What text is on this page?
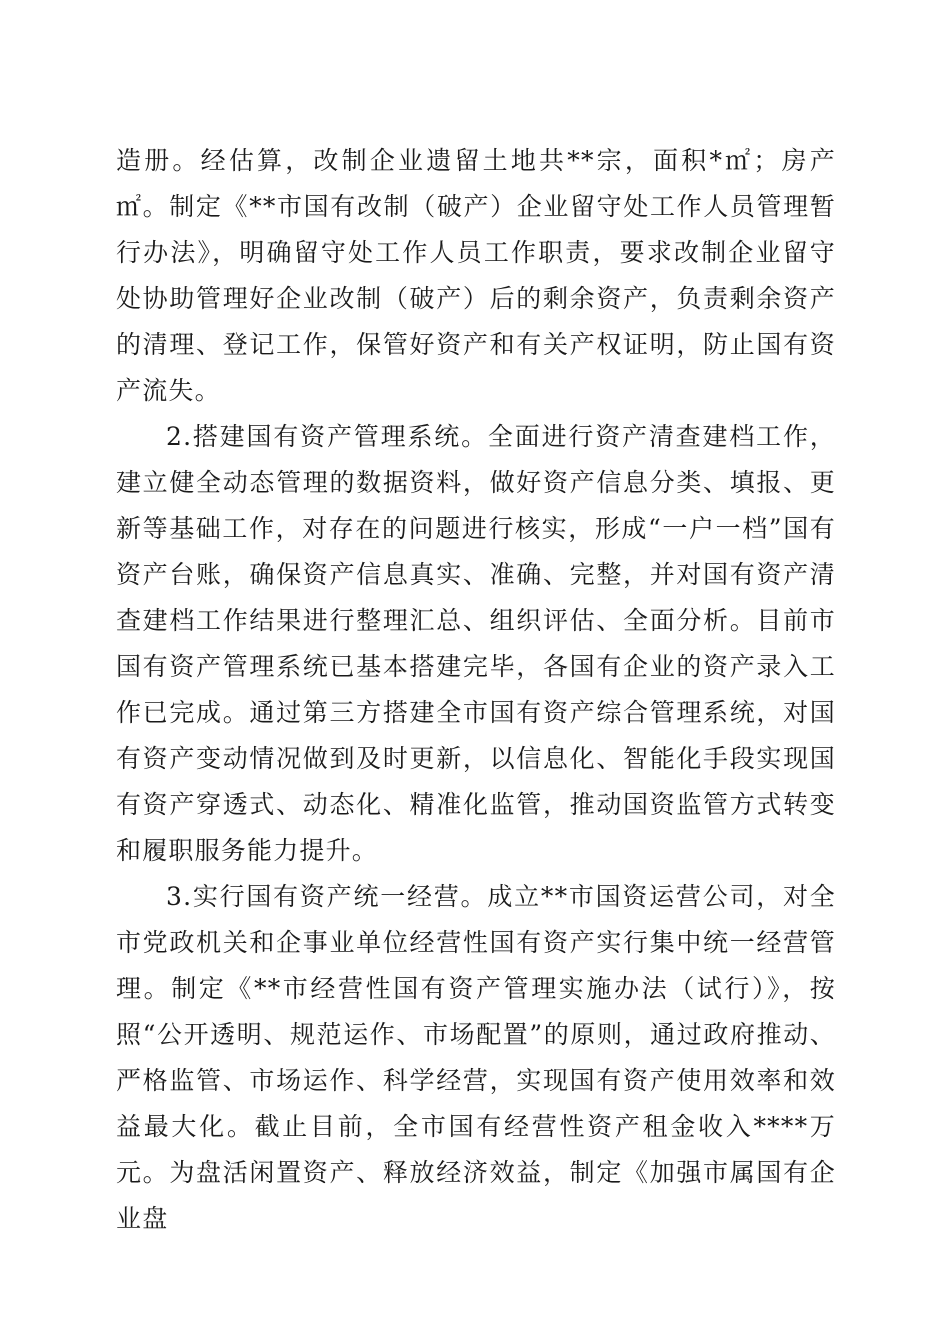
造册。经估算，改制企业遗留土地共**宗，面积*㎡；房产㎡。制定《**市国有改制（破产）企业留守处工作人员管理暂行办法》，明确留守处工作人员工作职责，要求改制企业留守处协助管理好企业改制（破产）后的剩余资产，负责剩余资产的清理、登记工作，保管好资产和有关产权证明，防止国有资产流失。

2.搭建国有资产管理系统。全面进行资产清查建档工作，建立健全动态管理的数据资料，做好资产信息分类、填报、更新等基础工作，对存在的问题进行核实，形成“一户一档”国有资产台账，确保资产信息真实、准确、完整，并对国有资产清查建档工作结果进行整理汇总、组织评估、全面分析。目前市国有资产管理系统已基本搭建完毕，各国有企业的资产录入工作已完成。通过第三方搭建全市国有资产综合管理系统，对国有资产变动情况做到及时更新，以信息化、智能化手段实现国有资产穿透式、动态化、精准化监管，推动国资监管方式转变和履职服务能力提升。

3.实行国有资产统一经营。成立**市国资运营公司，对全市党政机关和企事业单位经营性国有资产实行集中统一经营管理。制定《**市经营性国有资产管理实施办法（试行）》，按照“公开透明、规范运作、市场配置”的原则，通过政府推动、严格监管、市场运作、科学经营，实现国有资产使用效率和效益最大化。截止目前，全市国有经营性资产租金收入****万元。为盘活闲置资产、释放经济效益，制定《加强市属国有企业盘
